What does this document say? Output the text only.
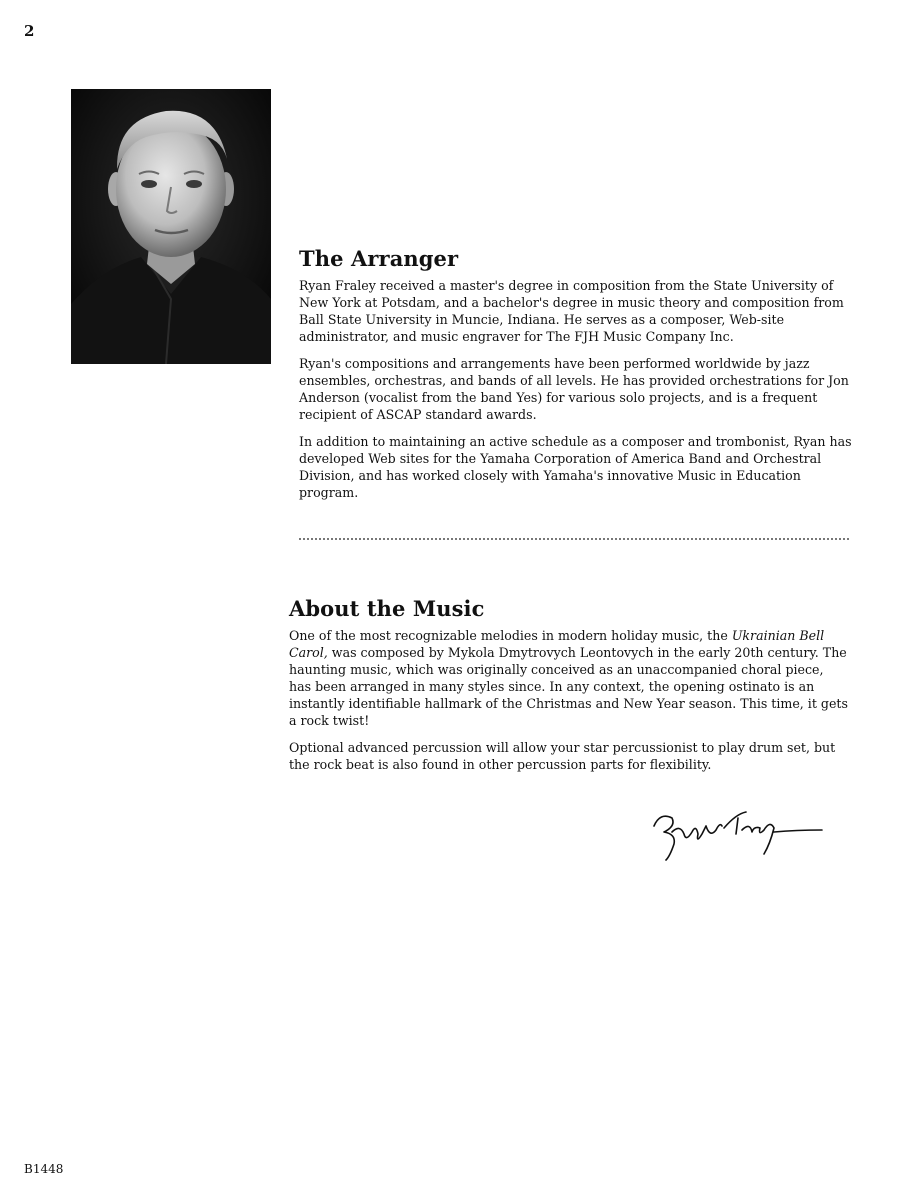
2
The Arranger

Ryan Fraley received a master's degree in composition from the State University of New York at Potsdam, and a bachelor's degree in music theory and composition from Ball State University in Muncie, Indiana. He serves as a composer, Web-site administrator, and music engraver for The FJH Music Company Inc.

Ryan's compositions and arrangements have been performed worldwide by jazz ensembles, orchestras, and bands of all levels. He has provided orchestrations for Jon Anderson (vocalist from the band Yes) for various solo projects, and is a frequent recipient of ASCAP standard awards.

In addition to maintaining an active schedule as a composer and trombonist, Ryan has developed Web sites for the Yamaha Corporation of America Band and Orchestral Division, and has worked closely with Yamaha's innovative Music in Education program.

About the Music

One of the most recognizable melodies in modern holiday music, the Ukrainian Bell Carol, was composed by Mykola Dmytrovych Leontovych in the early 20th century. The haunting music, which was originally conceived as an unaccompanied choral piece, has been arranged in many styles since. In any context, the opening ostinato is an instantly identifiable hallmark of the Christmas and New Year season. This time, it gets a rock twist!

Optional advanced percussion will allow your star percussionist to play drum set, but the rock beat is also found in other percussion parts for flexibility.

B1448
